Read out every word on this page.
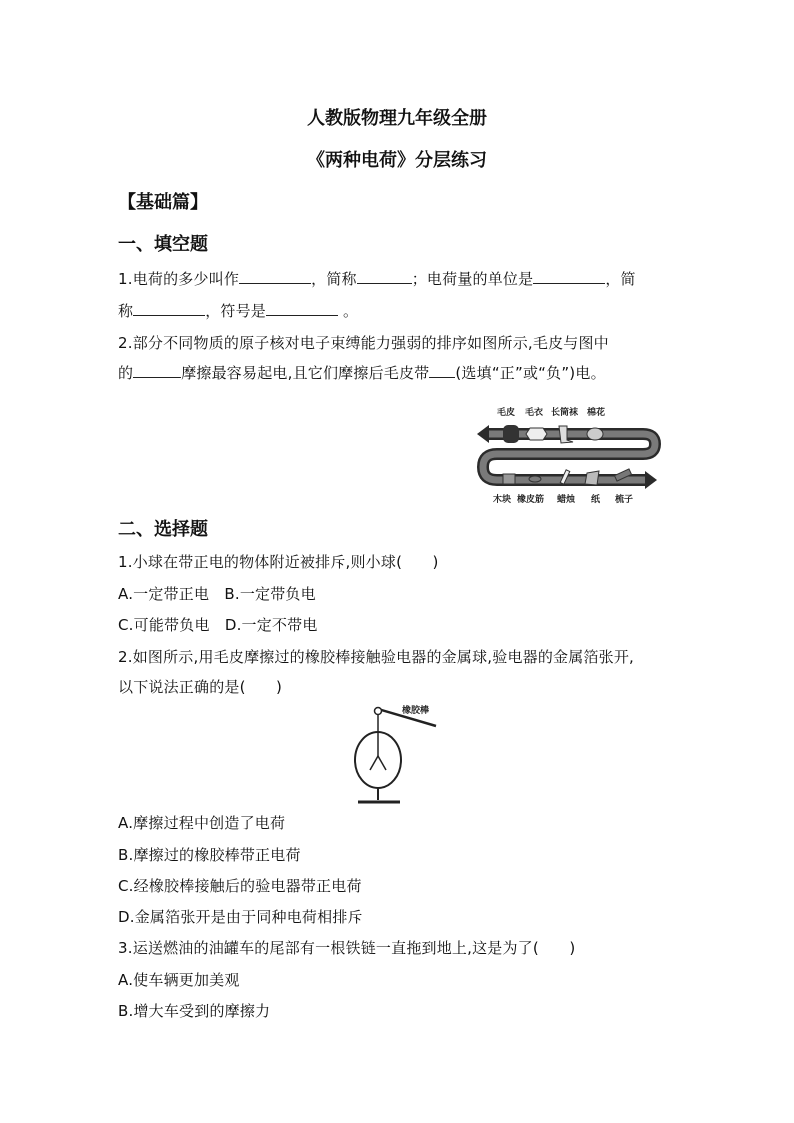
人教版物理九年级全册
《两种电荷》分层练习
【基础篇】
一、填空题
1.电荷的多少叫作	，简称	；电荷量的单位是	，简
称	，符号是	。
2.部分不同物质的原子核对电子束缚能力强弱的排序如图所示,毛皮与图中
的	摩擦最容易起电,且它们摩擦后毛皮带 (选填“正”或“负”)电。
毛皮 毛衣 长筒袜 棉花
木块 橡皮筋 蜡烛 纸 梳子
二、选择题
1.小球在带正电的物体附近被排斥,则小球(　　)
A.一定带正电　B.一定带负电
C.可能带负电　D.一定不带电
2.如图所示,用毛皮摩擦过的橡胶棒接触验电器的金属球,验电器的金属箔张开,
以下说法正确的是(　　)
橡胶棒
A.摩擦过程中创造了电荷
B.摩擦过的橡胶棒带正电荷
C.经橡胶棒接触后的验电器带正电荷
D.金属箔张开是由于同种电荷相排斥
3.运送燃油的油罐车的尾部有一根铁链一直拖到地上,这是为了(　　)
A.使车辆更加美观
B.增大车受到的摩擦力
